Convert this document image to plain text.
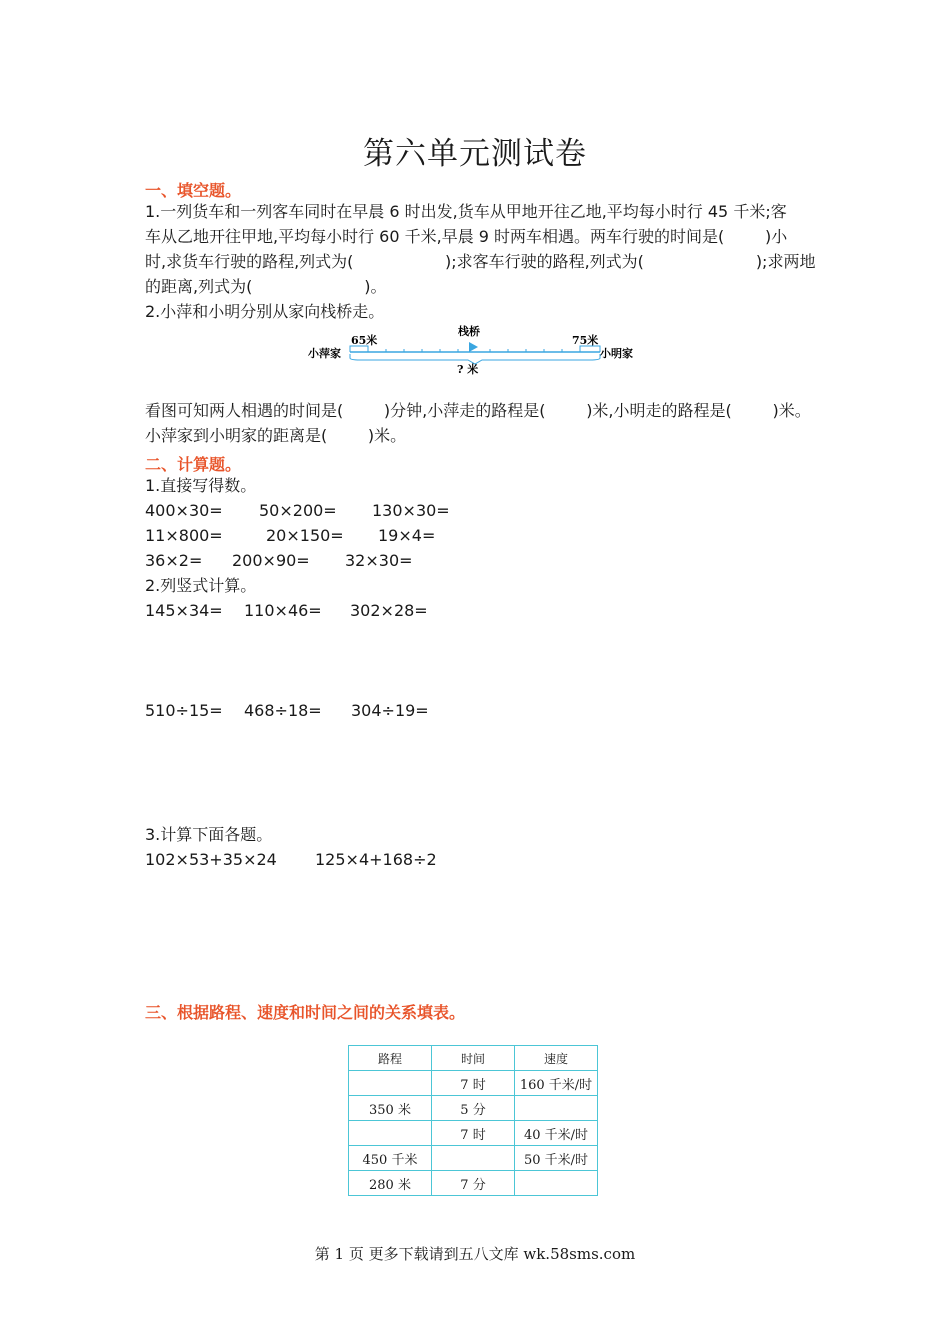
第六单元测试卷
一、填空题。
1.一列货车和一列客车同时在早晨 6 时出发,货车从甲地开往乙地,平均每小时行 45 千米;客
车从乙地开往甲地,平均每小时行 60 千米,早晨 9 时两车相遇。两车行驶的时间是(        )小
时,求货车行驶的路程,列式为(                  );求客车行驶的路程,列式为(                      );求两地
的距离,列式为(                      )。
2.小萍和小明分别从家向栈桥走。
小萍家	小明家
栈桥
65米	75米
? 米
看图可知两人相遇的时间是(        )分钟,小萍走的路程是(        )米,小明走的路程是(        )米。
小萍家到小明家的距离是(        )米。
二、计算题。
1.直接写得数。
400×30= 50×200= 130×30=
11×800=	20×150= 19×4=
36×2= 200×90= 32×30=
2.列竖式计算。
145×34= 110×46= 302×28=
510÷15= 468÷18= 304÷19=
3.计算下面各题。
102×53+35×24 125×4+168÷2
三、根据路程、速度和时间之间的关系填表。
路程	时间	速度
	7 时	160 千米/时
350 米	5 分	
	7 时	40 千米/时
450 千米		50 千米/时
280 米	7 分	
第 1 页 更多下载请到五八文库 wk.58sms.com
